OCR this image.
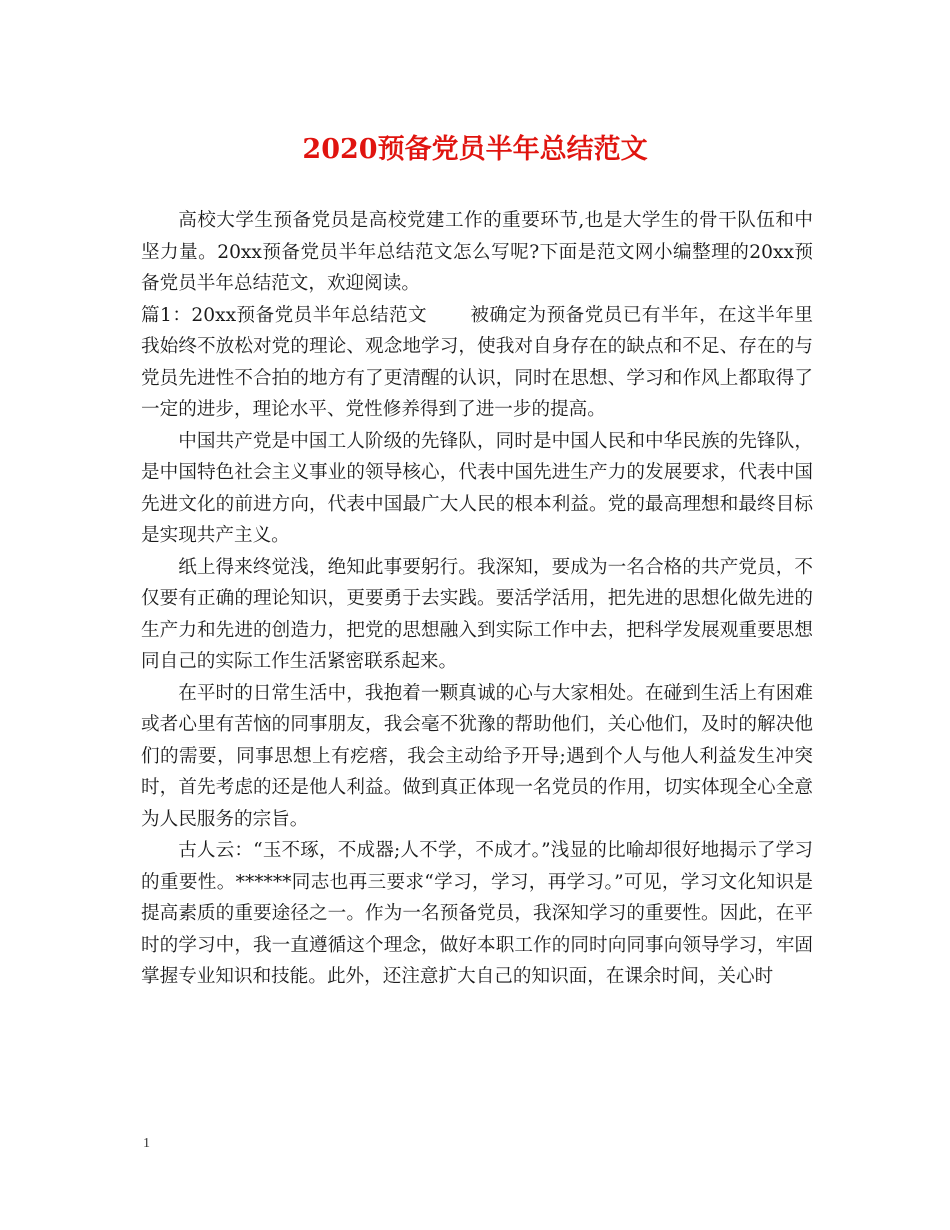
2020预备党员半年总结范文

高校大学生预备党员是高校党建工作的重要环节,也是大学生的骨干队伍和中坚力量。20xx预备党员半年总结范文怎么写呢?下面是范文网小编整理的20xx预备党员半年总结范文，欢迎阅读。

篇1：20xx预备党员半年总结范文 被确定为预备党员已有半年，在这半年里我始终不放松对党的理论、观念地学习，使我对自身存在的缺点和不足、存在的与党员先进性不合拍的地方有了更清醒的认识，同时在思想、学习和作风上都取得了一定的进步，理论水平、党性修养得到了进一步的提高。

中国共产党是中国工人阶级的先锋队，同时是中国人民和中华民族的先锋队，是中国特色社会主义事业的领导核心，代表中国先进生产力的发展要求，代表中国先进文化的前进方向，代表中国最广大人民的根本利益。党的最高理想和最终目标是实现共产主义。

纸上得来终觉浅，绝知此事要躬行。我深知，要成为一名合格的共产党员，不仅要有正确的理论知识，更要勇于去实践。要活学活用，把先进的思想化做先进的生产力和先进的创造力，把党的思想融入到实际工作中去，把科学发展观重要思想同自己的实际工作生活紧密联系起来。

在平时的日常生活中，我抱着一颗真诚的心与大家相处。在碰到生活上有困难或者心里有苦恼的同事朋友，我会毫不犹豫的帮助他们，关心他们，及时的解决他们的需要，同事思想上有疙瘩，我会主动给予开导;遇到个人与他人利益发生冲突时，首先考虑的还是他人利益。做到真正体现一名党员的作用，切实体现全心全意为人民服务的宗旨。

古人云：“玉不琢，不成器;人不学，不成才。”浅显的比喻却很好地揭示了学习的重要性。******同志也再三要求“学习，学习，再学习。”可见，学习文化知识是提高素质的重要途径之一。作为一名预备党员，我深知学习的重要性。因此，在平时的学习中，我一直遵循这个理念，做好本职工作的同时向同事向领导学习，牢固掌握专业知识和技能。此外，还注意扩大自己的知识面，在课余时间，关心时

1
